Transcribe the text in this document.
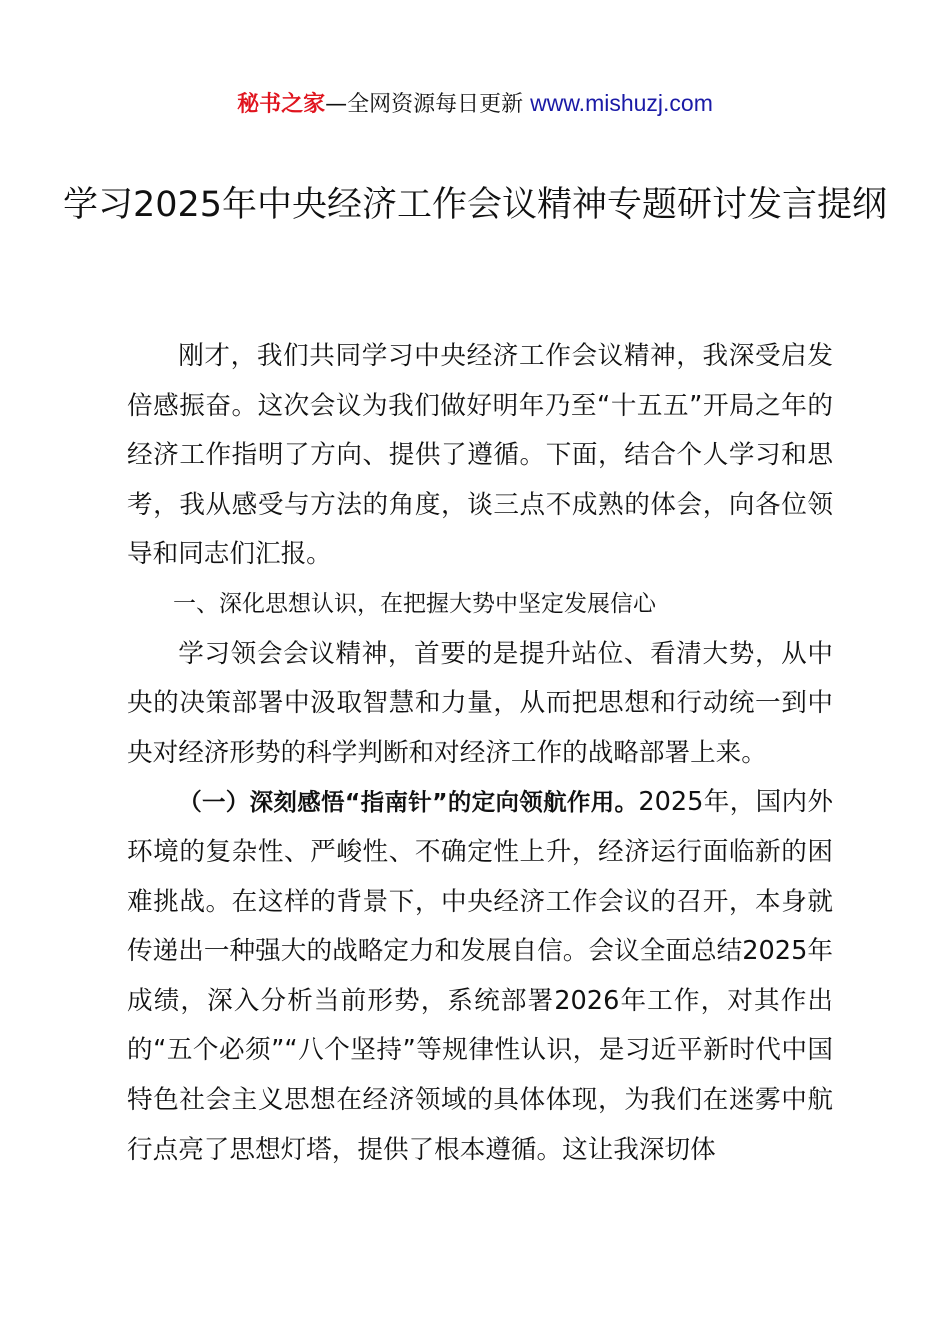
秘书之家—全网资源每日更新 www.mishuzj.com
学习2025年中央经济工作会议精神专题研讨发言提纲

刚才，我们共同学习中央经济工作会议精神，我深受启发倍感振奋。这次会议为我们做好明年乃至“十五五”开局之年的经济工作指明了方向、提供了遵循。下面，结合个人学习和思考，我从感受与方法的角度，谈三点不成熟的体会，向各位领导和同志们汇报。

一、深化思想认识，在把握大势中坚定发展信心

学习领会会议精神，首要的是提升站位、看清大势，从中央的决策部署中汲取智慧和力量，从而把思想和行动统一到中央对经济形势的科学判断和对经济工作的战略部署上来。

（一）深刻感悟“指南针”的定向领航作用。2025年，国内外环境的复杂性、严峻性、不确定性上升，经济运行面临新的困难挑战。在这样的背景下，中央经济工作会议的召开，本身就传递出一种强大的战略定力和发展自信。会议全面总结2025年成绩，深入分析当前形势，系统部署2026年工作，对其作出的“五个必须”“八个坚持”等规律性认识，是习近平新时代中国特色社会主义思想在经济领域的具体体现，为我们在迷雾中航行点亮了思想灯塔，提供了根本遵循。这让我深切体
